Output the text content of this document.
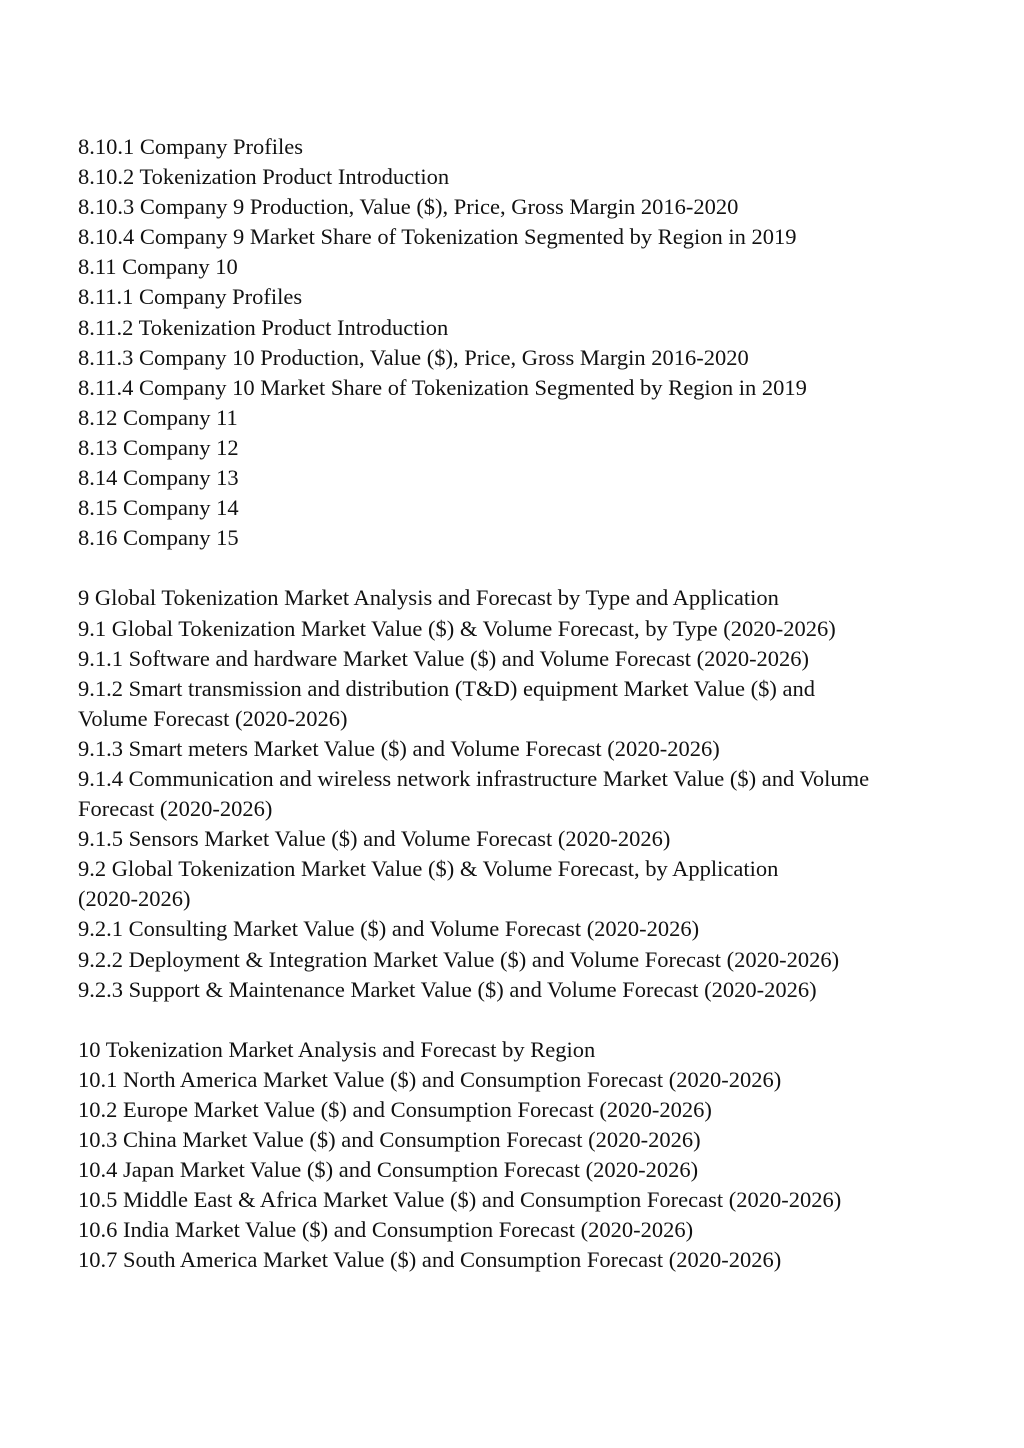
8.10.1 Company Profiles
8.10.2 Tokenization Product Introduction
8.10.3 Company 9 Production, Value ($), Price, Gross Margin 2016-2020
8.10.4 Company 9 Market Share of Tokenization Segmented by Region in 2019
8.11 Company 10
8.11.1 Company Profiles
8.11.2 Tokenization Product Introduction
8.11.3 Company 10 Production, Value ($), Price, Gross Margin 2016-2020
8.11.4 Company 10 Market Share of Tokenization Segmented by Region in 2019
8.12 Company 11
8.13 Company 12
8.14 Company 13
8.15 Company 14
8.16 Company 15
9 Global Tokenization Market Analysis and Forecast by Type and Application
9.1 Global Tokenization Market Value ($) & Volume Forecast, by Type (2020-2026)
9.1.1 Software and hardware Market Value ($) and Volume Forecast (2020-2026)
9.1.2 Smart transmission and distribution (T&D) equipment Market Value ($) and
Volume Forecast (2020-2026)
9.1.3 Smart meters Market Value ($) and Volume Forecast (2020-2026)
9.1.4 Communication and wireless network infrastructure Market Value ($) and Volume
Forecast (2020-2026)
9.1.5 Sensors Market Value ($) and Volume Forecast (2020-2026)
9.2 Global Tokenization Market Value ($) & Volume Forecast, by Application
(2020-2026)
9.2.1 Consulting Market Value ($) and Volume Forecast (2020-2026)
9.2.2 Deployment & Integration Market Value ($) and Volume Forecast (2020-2026)
9.2.3 Support & Maintenance Market Value ($) and Volume Forecast (2020-2026)
10 Tokenization Market Analysis and Forecast by Region
10.1 North America Market Value ($) and Consumption Forecast (2020-2026)
10.2 Europe Market Value ($) and Consumption Forecast (2020-2026)
10.3 China Market Value ($) and Consumption Forecast (2020-2026)
10.4 Japan Market Value ($) and Consumption Forecast (2020-2026)
10.5 Middle East & Africa Market Value ($) and Consumption Forecast (2020-2026)
10.6 India Market Value ($) and Consumption Forecast (2020-2026)
10.7 South America Market Value ($) and Consumption Forecast (2020-2026)
